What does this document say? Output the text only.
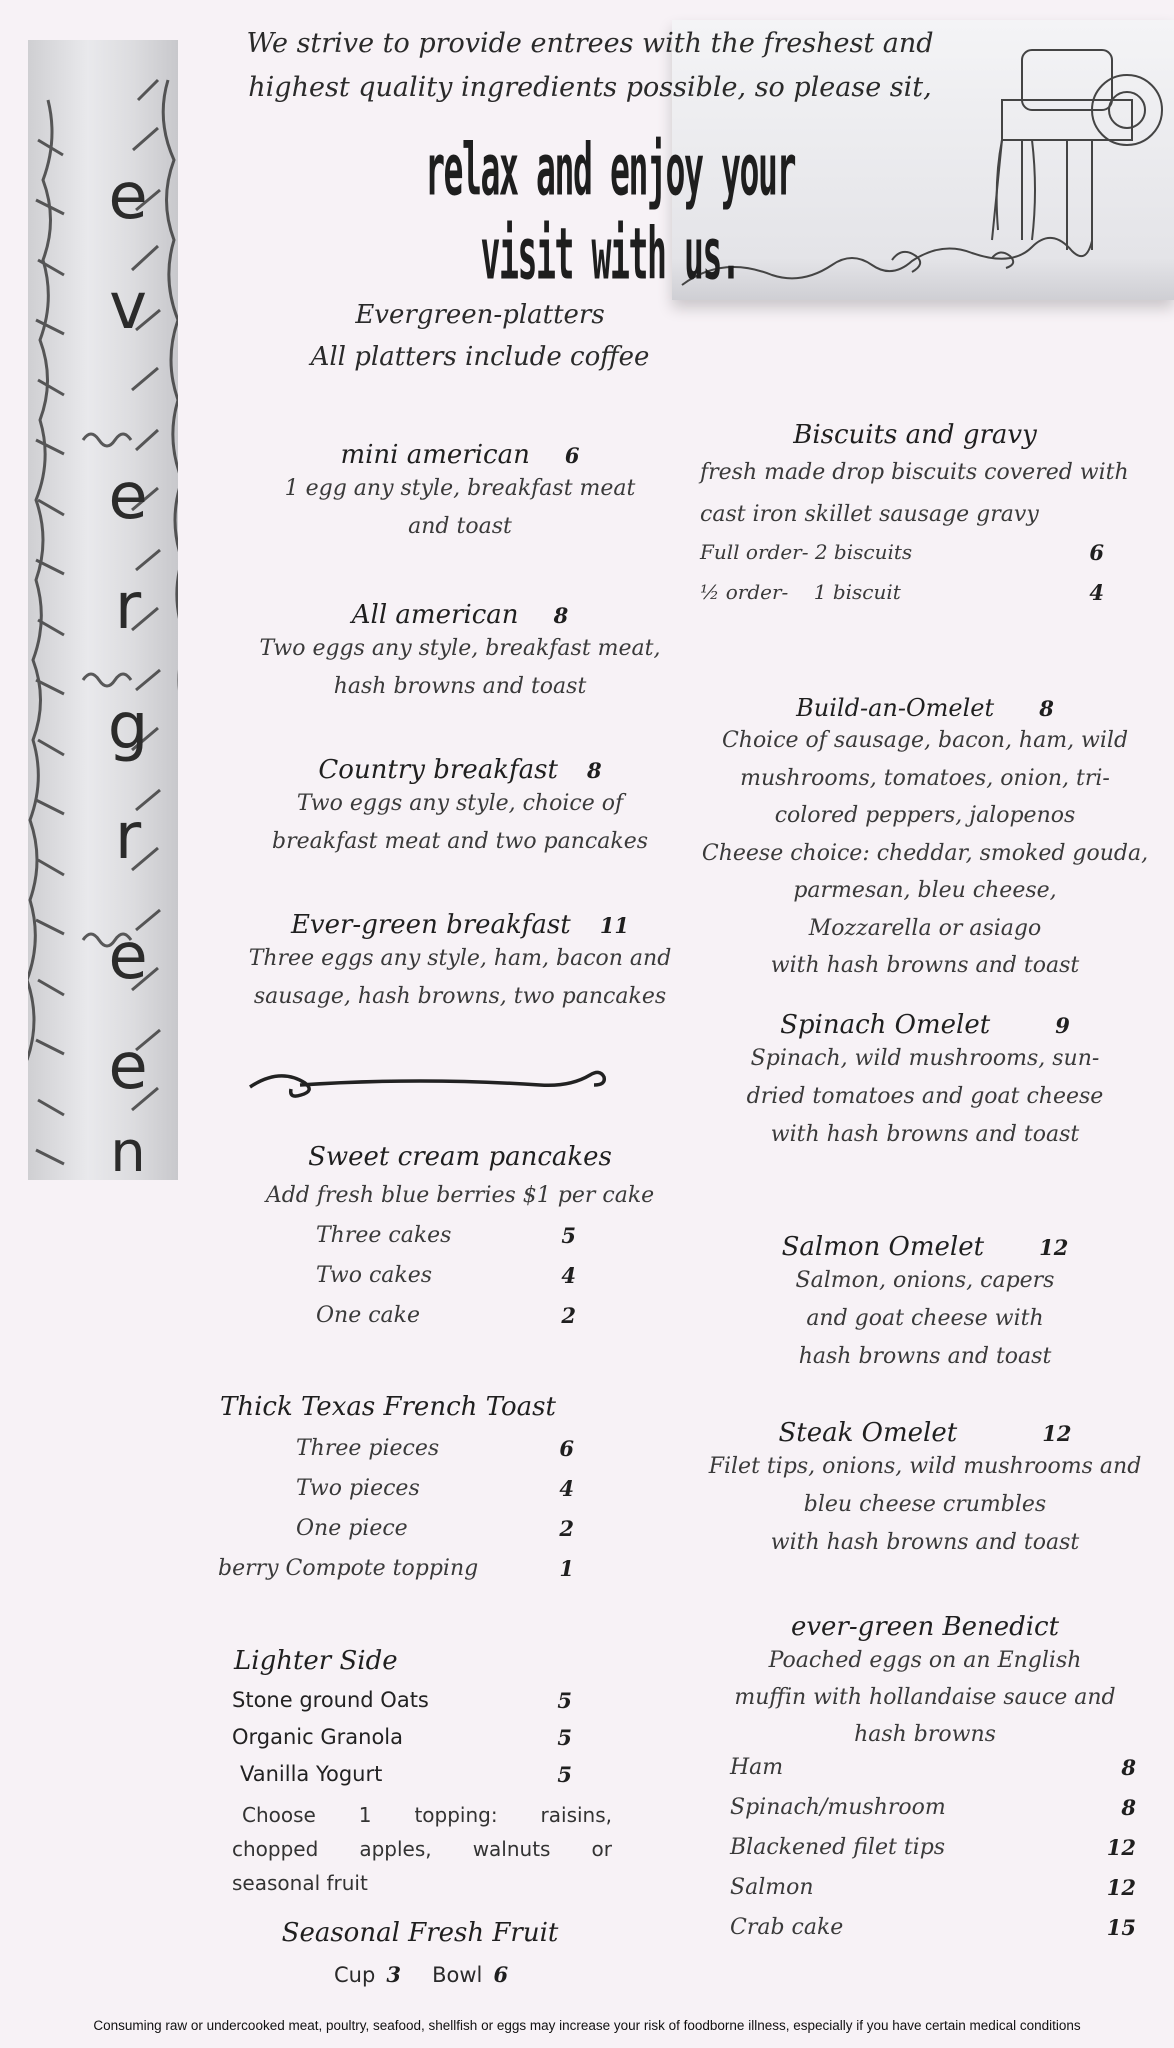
e
v
e
r
g
r
e
e
n
We strive to provide entrees with the freshest and
highest quality ingredients possible, so please sit,
relax and enjoy your visit with us.
Evergreen-platters
All platters include coffee
mini american 6
1 egg any style, breakfast meat
and toast
All american 8
Two eggs any style, breakfast meat,
hash browns and toast
Country breakfast 8
Two eggs any style, choice of
breakfast meat and two pancakes
Ever-green breakfast 11
Three eggs any style, ham, bacon and
sausage, hash browns, two pancakes
Sweet cream pancakes
Add fresh blue berries $1 per cake
Three cakes	5
Two cakes	4
One cake	2
Thick Texas French Toast
Three pieces	6
Two pieces	4
One piece	2
berry Compote topping	1
Lighter Side
Stone ground Oats	5
Organic Granola	5
Vanilla Yogurt	5
Choose 1 topping: raisins,
chopped apples, walnuts or
seasonal fruit
Seasonal Fresh Fruit
Cup 3 Bowl 6
Biscuits and gravy
fresh made drop biscuits covered with
cast iron skillet sausage gravy
Full order- 2 biscuits	6
½ order-    1 biscuit	4
Build-an-Omelet 8
Choice of sausage, bacon, ham, wild
mushrooms, tomatoes, onion, tri-
colored peppers, jalopenos
Cheese choice: cheddar, smoked gouda,
parmesan, bleu cheese,
Mozzarella or asiago
with hash browns and toast
Spinach Omelet	9
Spinach, wild mushrooms, sun-
dried tomatoes and goat cheese
with hash browns and toast
Salmon Omelet	12
Salmon, onions, capers
and goat cheese with
hash browns and toast
Steak Omelet	12
Filet tips, onions, wild mushrooms and
bleu cheese crumbles
with hash browns and toast
ever-green Benedict
Poached eggs on an English
muffin with hollandaise sauce and
hash browns
Ham	8
Spinach/mushroom	8
Blackened filet tips	12
Salmon	12
Crab cake	15
Consuming raw or undercooked meat, poultry, seafood, shellfish or eggs may increase your risk of foodborne illness, especially if you have certain medical conditions
